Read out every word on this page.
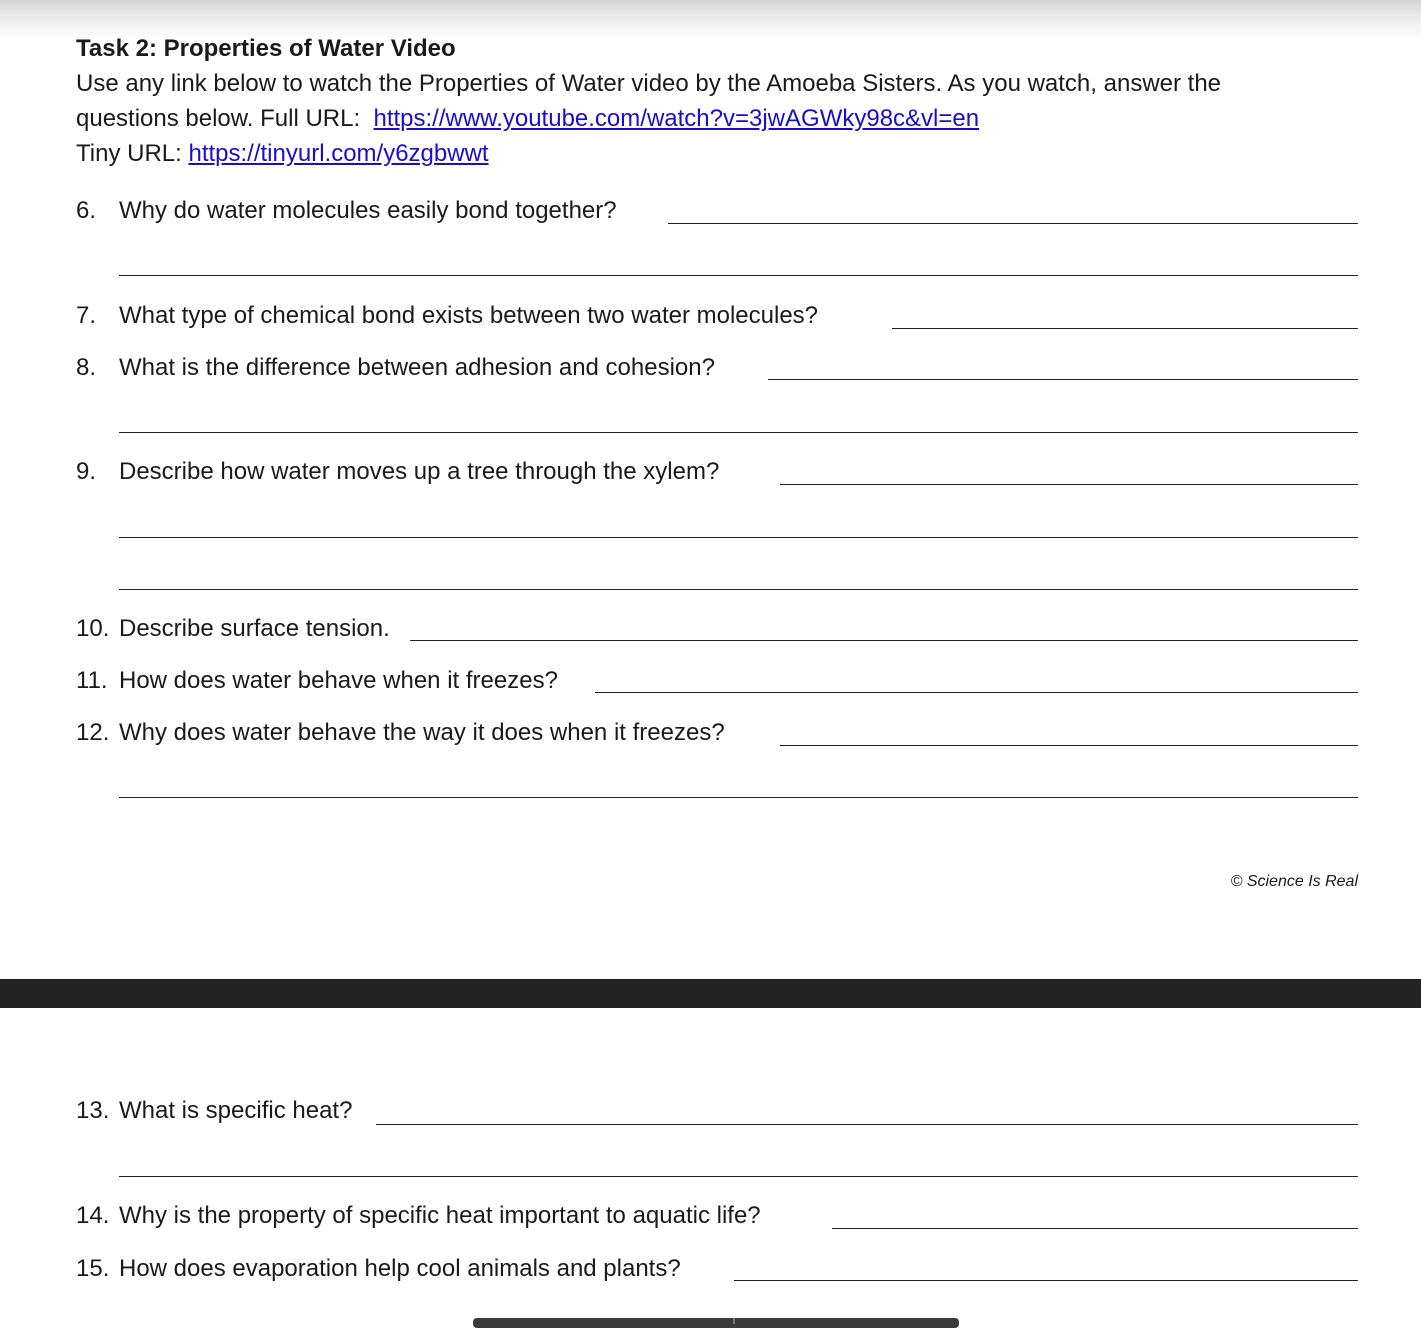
Task 2: Properties of Water Video
Use any link below to watch the Properties of Water video by the Amoeba Sisters. As you watch, answer the
questions below. Full URL:  https://www.youtube.com/watch?v=3jwAGWky98c&vl=en
Tiny URL: https://tinyurl.com/y6zgbwwt
6. Why do water molecules easily bond together?
7. What type of chemical bond exists between two water molecules?
8. What is the difference between adhesion and cohesion?
9. Describe how water moves up a tree through the xylem?
10. Describe surface tension.
11. How does water behave when it freezes?
12. Why does water behave the way it does when it freezes?
© Science Is Real
13. What is specific heat?
14. Why is the property of specific heat important to aquatic life?
15. How does evaporation help cool animals and plants?
